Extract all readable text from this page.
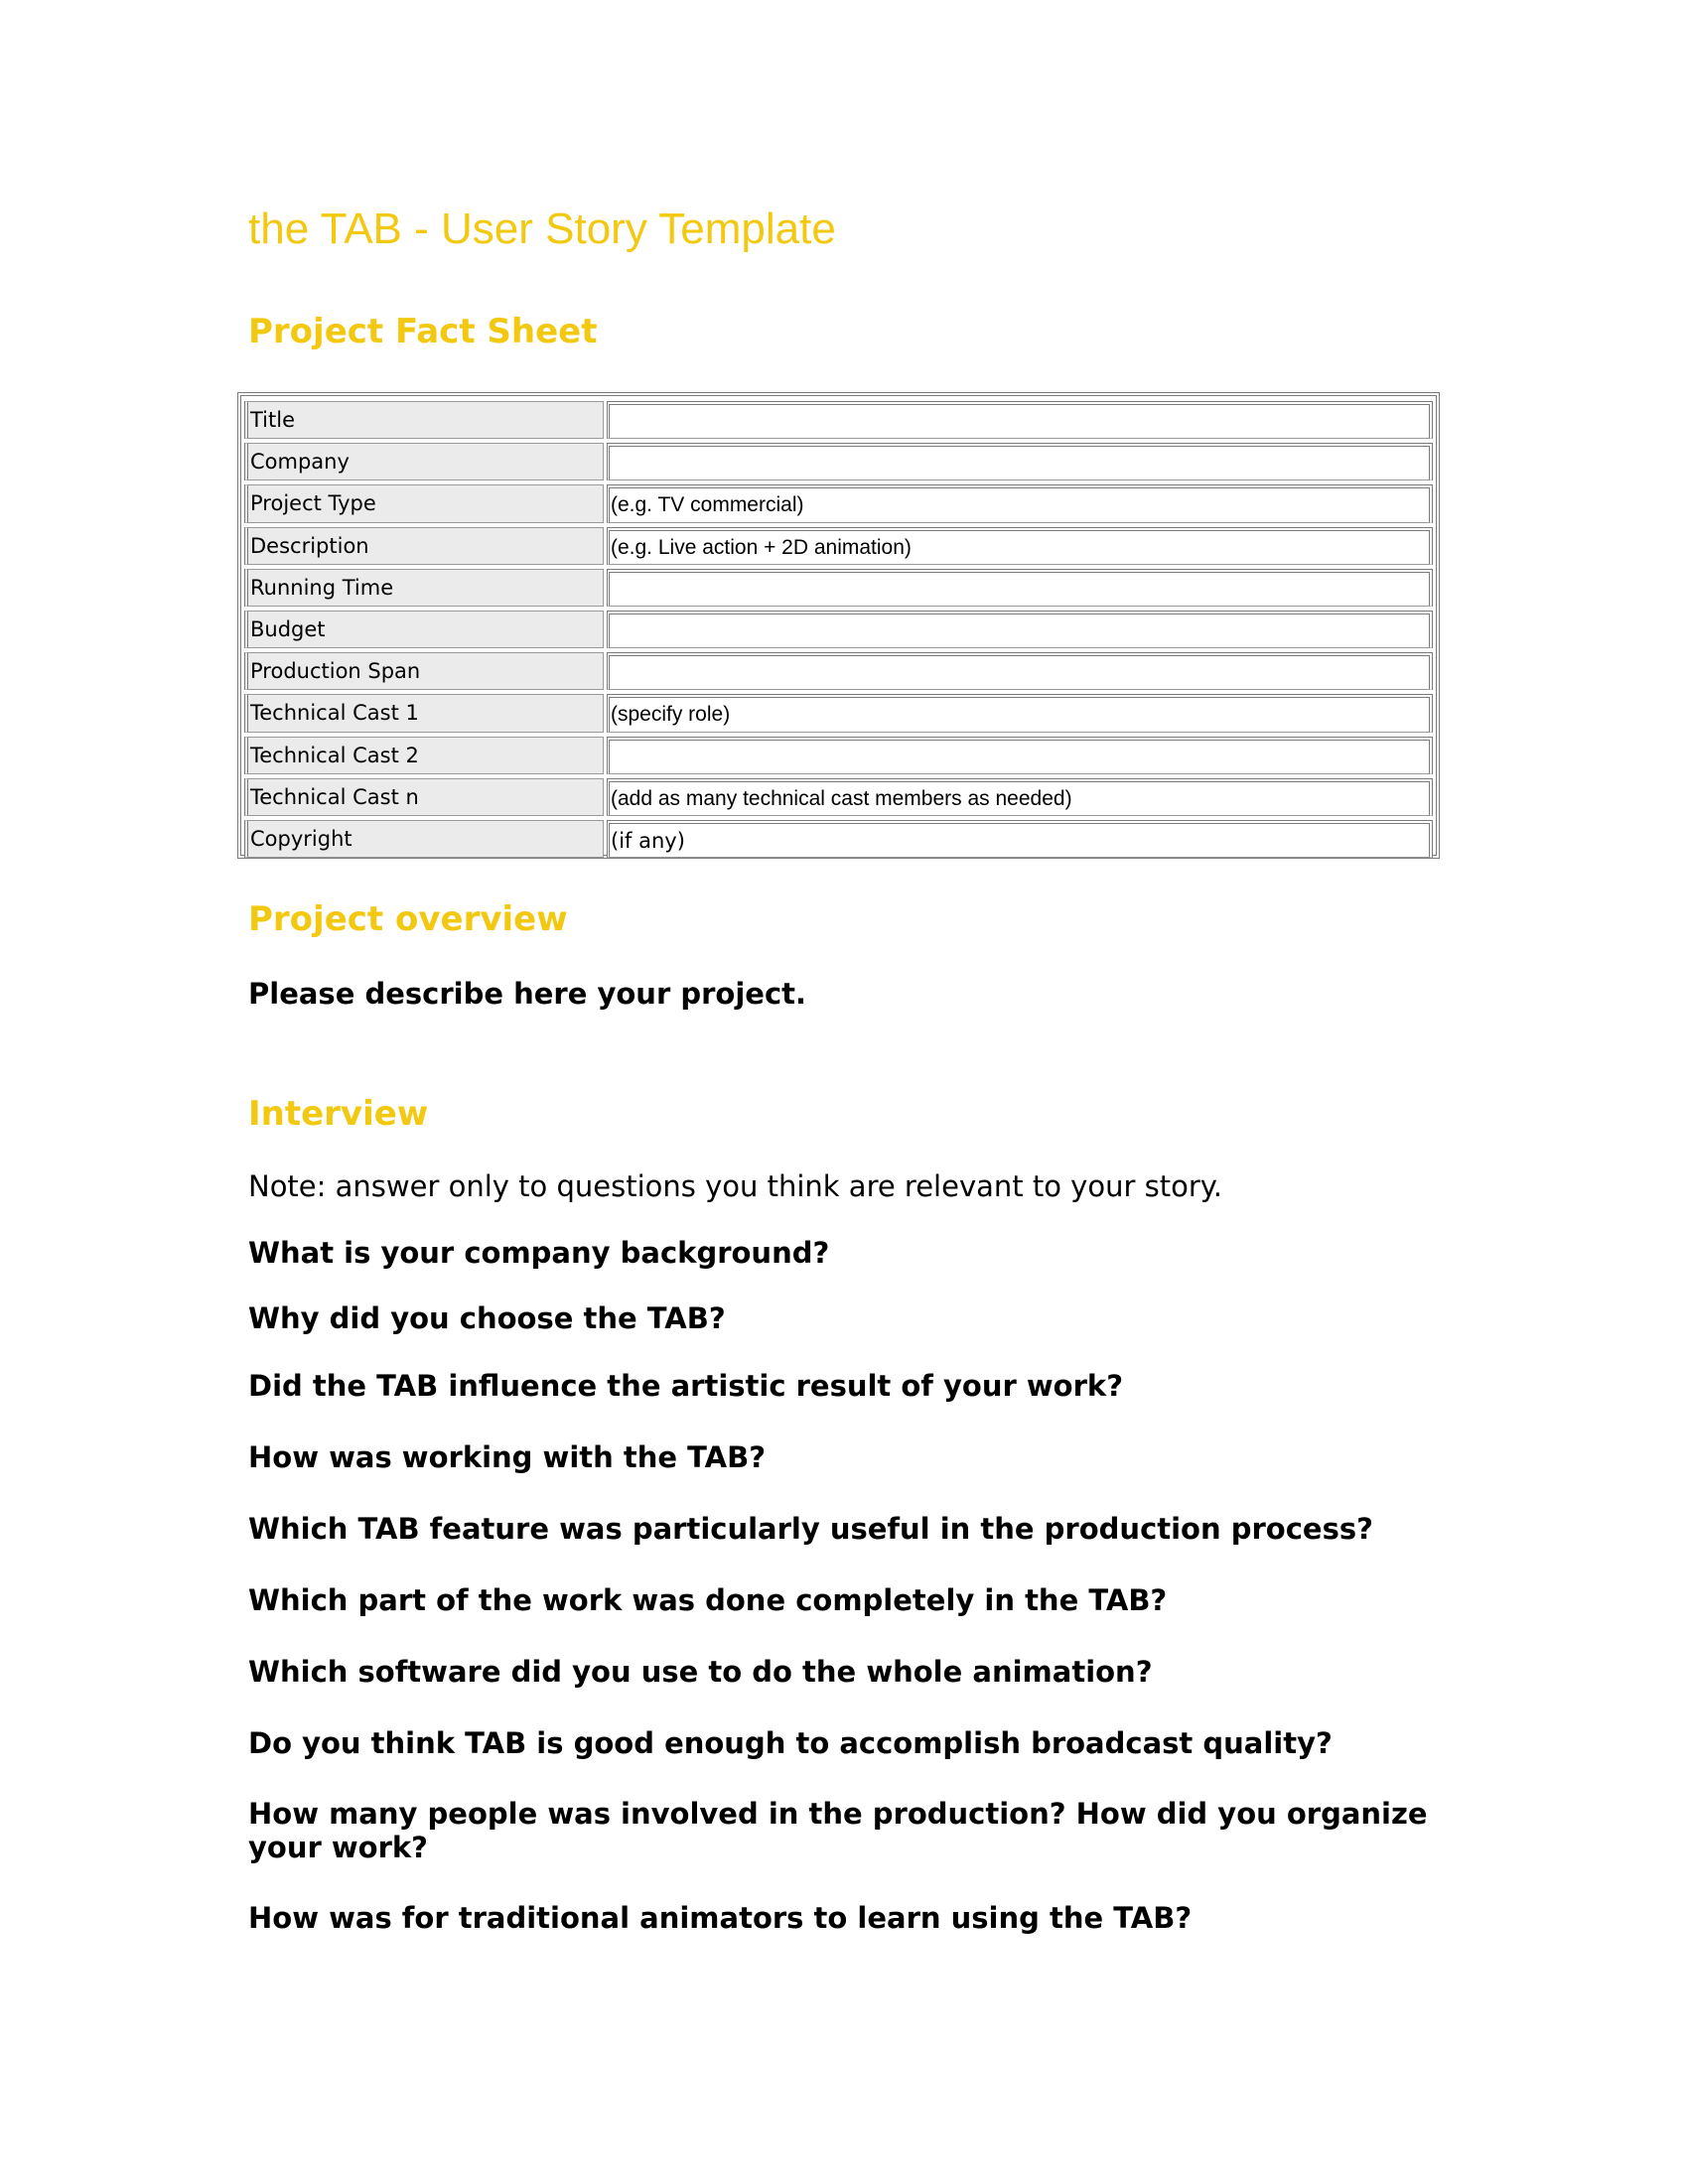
the TAB - User Story Template
Project Fact Sheet
Title
Company
Project Type	(e.g. TV commercial)
Description	(e.g. Live action + 2D animation)
Running Time
Budget
Production Span
Technical Cast 1	(specify role)
Technical Cast 2
Technical Cast n	(add as many technical cast members as needed)
Copyright	(if any)
Project overview

Please describe here your project.

Interview

Note: answer only to questions you think are relevant to your story.

What is your company background?

Why did you choose the TAB?

Did the TAB influence the artistic result of your work?

How was working with the TAB?

Which TAB feature was particularly useful in the production process?

Which part of the work was done completely in the TAB?

Which software did you use to do the whole animation?

Do you think TAB is good enough to accomplish broadcast quality?

How many people was involved in the production? How did you organize your work?

How was for traditional animators to learn using the TAB?
